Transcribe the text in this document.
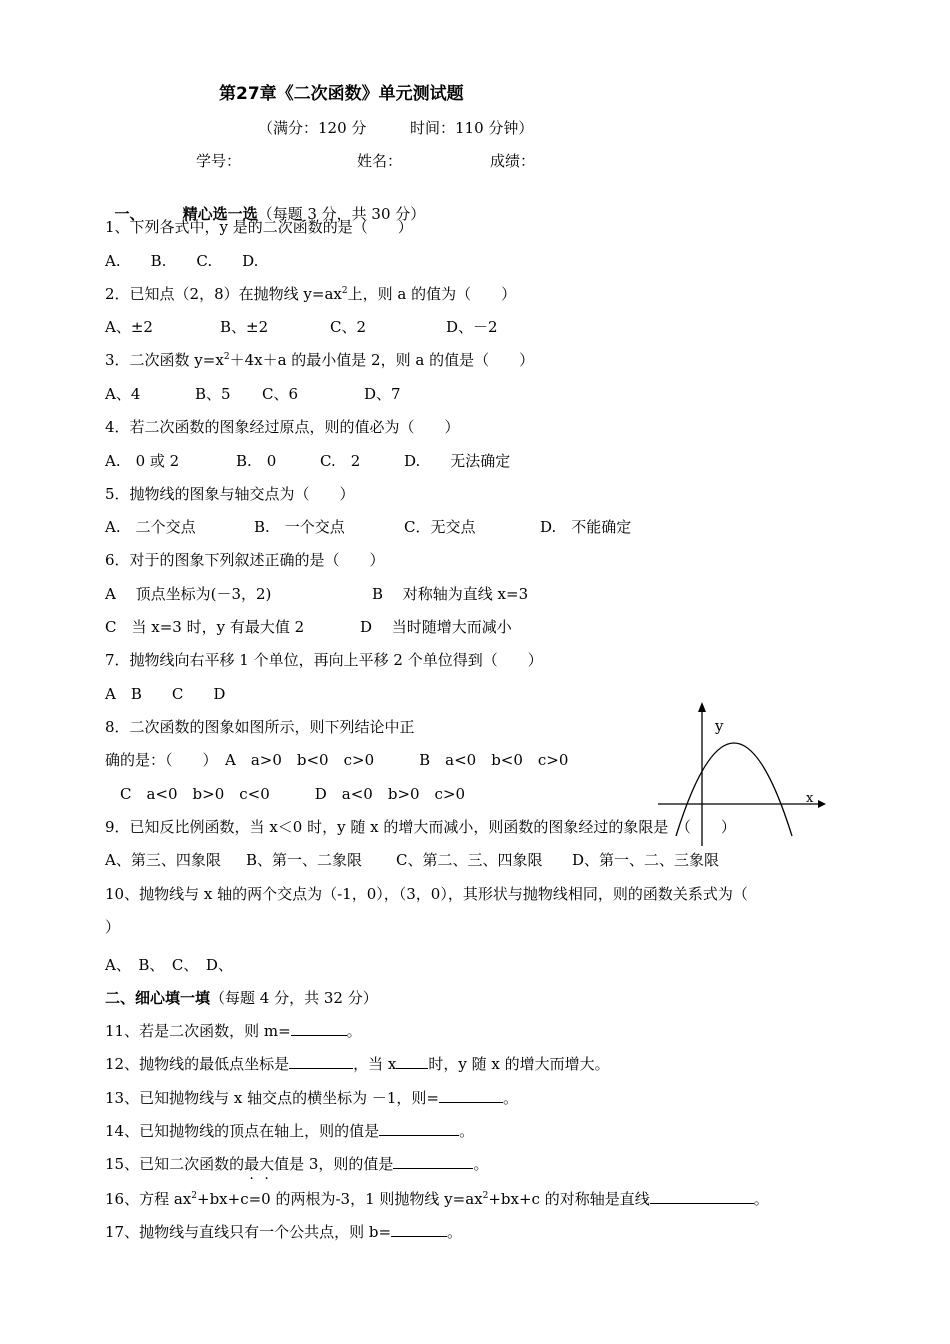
第27章《二次函数》单元测试题
（满分：120 分	时间：110 分钟）
学号：	姓名：	成绩：

一、	精心选一选（每题 3 分，共 30 分）

1、下列各式中，y 是的二次函数的是（　　）
A.　　B.　　C.　　D.
2．已知点（2，8）在抛物线 $y=ax^2$上，则 a 的值为（　　）
A、±2	B、±2	C、2	D、－2
3．二次函数 $y=x^2+4x+a$ 的最小值是 2，则 a 的值是（　　）
A、4	B、5 C、6	D、7
4．若二次函数的图象经过原点，则的值必为（　　）
A.　0 或 2	B.　0	C.　2	D.　　无法确定
5．抛物线的图象与轴交点为（　　）
A.　二个交点	B.　一个交点	C．无交点	D.　不能确定
6．对于的图象下列叙述正确的是（　　）
A　 顶点坐标为(－3，2)	B　 对称轴为直线 x=3
C　当 x=3 时，y 有最大值 2	D　 当时随增大而减小
7．抛物线向右平移 1 个单位，再向上平移 2 个单位得到（　　）
A　B　　C　　D
8．二次函数的图象如图所示，则下列结论中正
确的是：（　　）　A　a>0　b<0　c>0　　　B　a<0　b<0　c>0
C　a<0　b>0　c<0　　　D　a<0　b>0　c>0
y
x
9．已知反比例函数，当 x＜0 时，y 随 x 的增大而减小，则函数的图象经过的象限是　（　　）
A、第三、四象限 B、第一、二象限 C、第二、三、四象限 D、第一、二、三象限
10、抛物线与 x 轴的两个交点为（-1，0），（3，0），其形状与抛物线相同，则的函数关系式为（
）
A、　B、　C、　D、
二、细心填一填（每题 4 分，共 32 分）
11、若是二次函数，则 m=	。
12、抛物线的最低点坐标是	，当 x 时，y 随 x 的增大而增大。
13、已知抛物线与 x 轴交点的横坐标为 －1，则=	。
14、已知抛物线的顶点在轴上，则的值是	。
15、已知二次函数的最大值是 3，则的值是	。
16、方程 $ax^2+bx+c=0$ 的两根为-3，1 则抛物线 $y=ax^2+bx+c$ 的对称轴是直线	。
17、抛物线与直线只有一个公共点，则 b=	。
